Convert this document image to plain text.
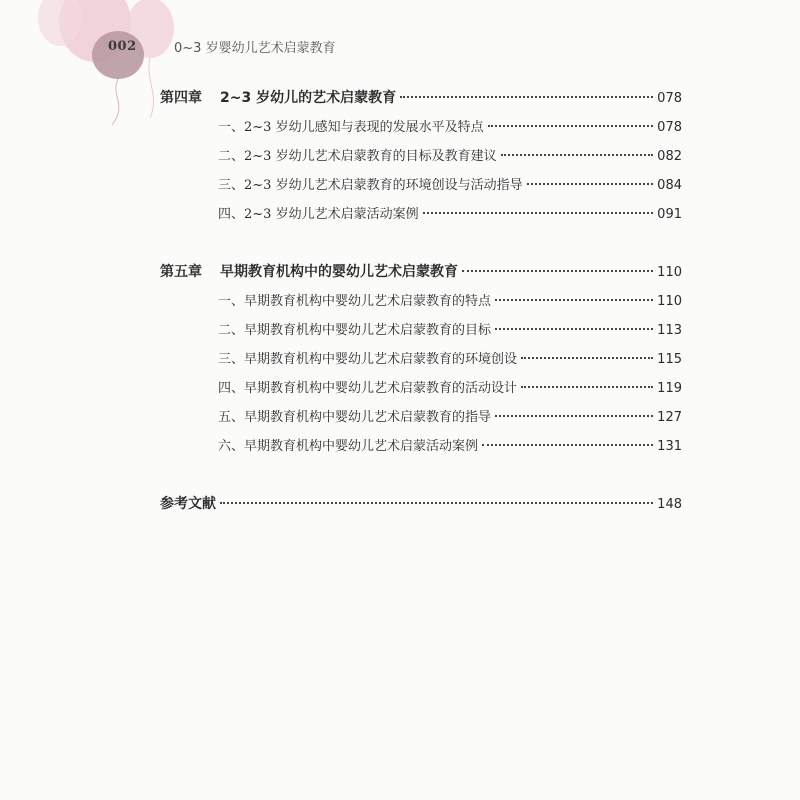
002	0~3 岁婴幼儿艺术启蒙教育
第四章	2~3 岁幼儿的艺术启蒙教育	078
一、2~3 岁幼儿感知与表现的发展水平及特点	078
二、2~3 岁幼儿艺术启蒙教育的目标及教育建议	082
三、2~3 岁幼儿艺术启蒙教育的环境创设与活动指导	084
四、2~3 岁幼儿艺术启蒙活动案例	091
第五章	早期教育机构中的婴幼儿艺术启蒙教育	110
一、早期教育机构中婴幼儿艺术启蒙教育的特点	110
二、早期教育机构中婴幼儿艺术启蒙教育的目标	113
三、早期教育机构中婴幼儿艺术启蒙教育的环境创设	115
四、早期教育机构中婴幼儿艺术启蒙教育的活动设计	119
五、早期教育机构中婴幼儿艺术启蒙教育的指导	127
六、早期教育机构中婴幼儿艺术启蒙活动案例	131
参考文献	148
